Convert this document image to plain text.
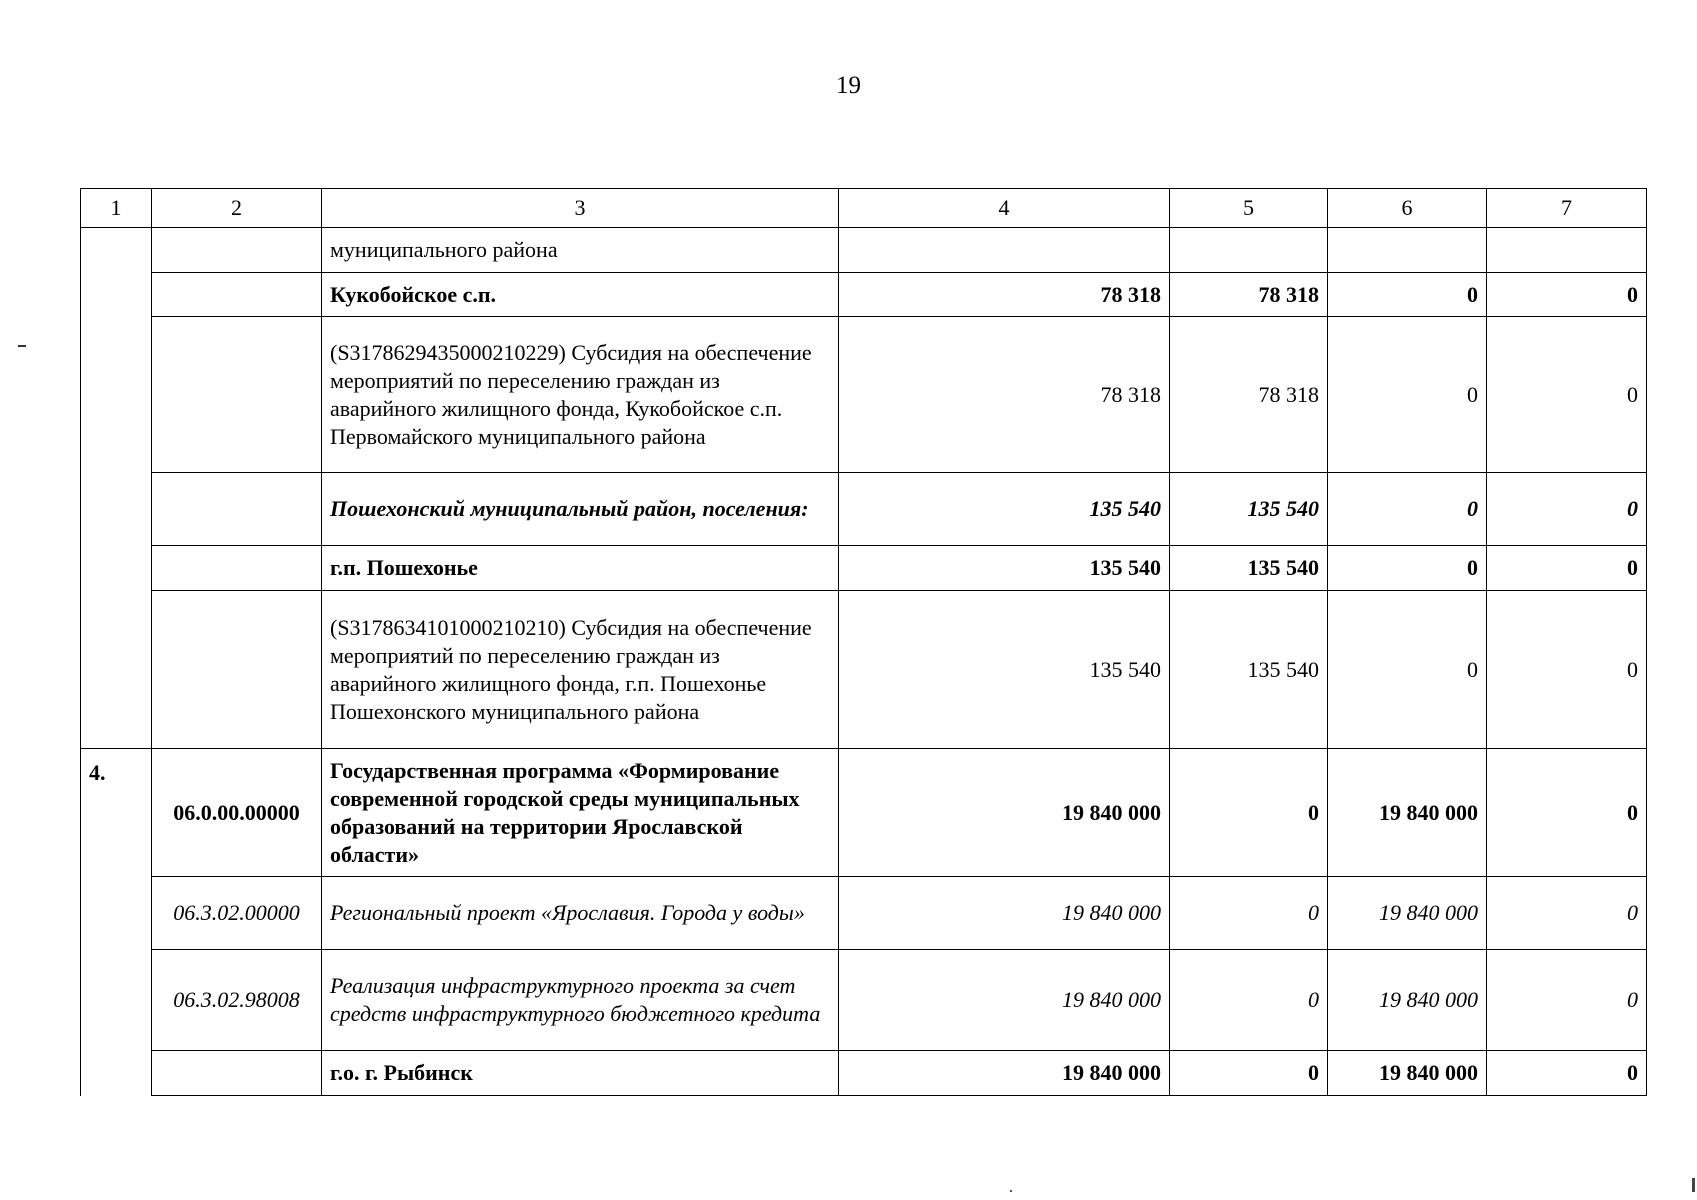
19
1	2	3	4	5	6	7
		муниципального района				
		Кукобойское с.п.	78 318	78 318	0	0
		(S3178629435000210229) Субсидия на обеспечение мероприятий по переселению граждан из аварийного жилищного фонда, Кукобойское с.п. Первомайского муниципального района	78 318	78 318	0	0
		Пошехонский муниципальный район, поселения:	135 540	135 540	0	0
		г.п. Пошехонье	135 540	135 540	0	0
		(S3178634101000210210) Субсидия на обеспечение мероприятий по переселению граждан из аварийного жилищного фонда, г.п. Пошехонье Пошехонского муниципального района	135 540	135 540	0	0
4.	06.0.00.00000	Государственная программа «Формирование современной городской среды муниципальных образований на территории Ярославской области»	19 840 000	0	19 840 000	0
	06.3.02.00000	Региональный проект «Ярославия. Города у воды»	19 840 000	0	19 840 000	0
	06.3.02.98008	Реализация инфраструктурного проекта за счет средств инфраструктурного бюджетного кредита	19 840 000	0	19 840 000	0
		г.о. г. Рыбинск	19 840 000	0	19 840 000	0
